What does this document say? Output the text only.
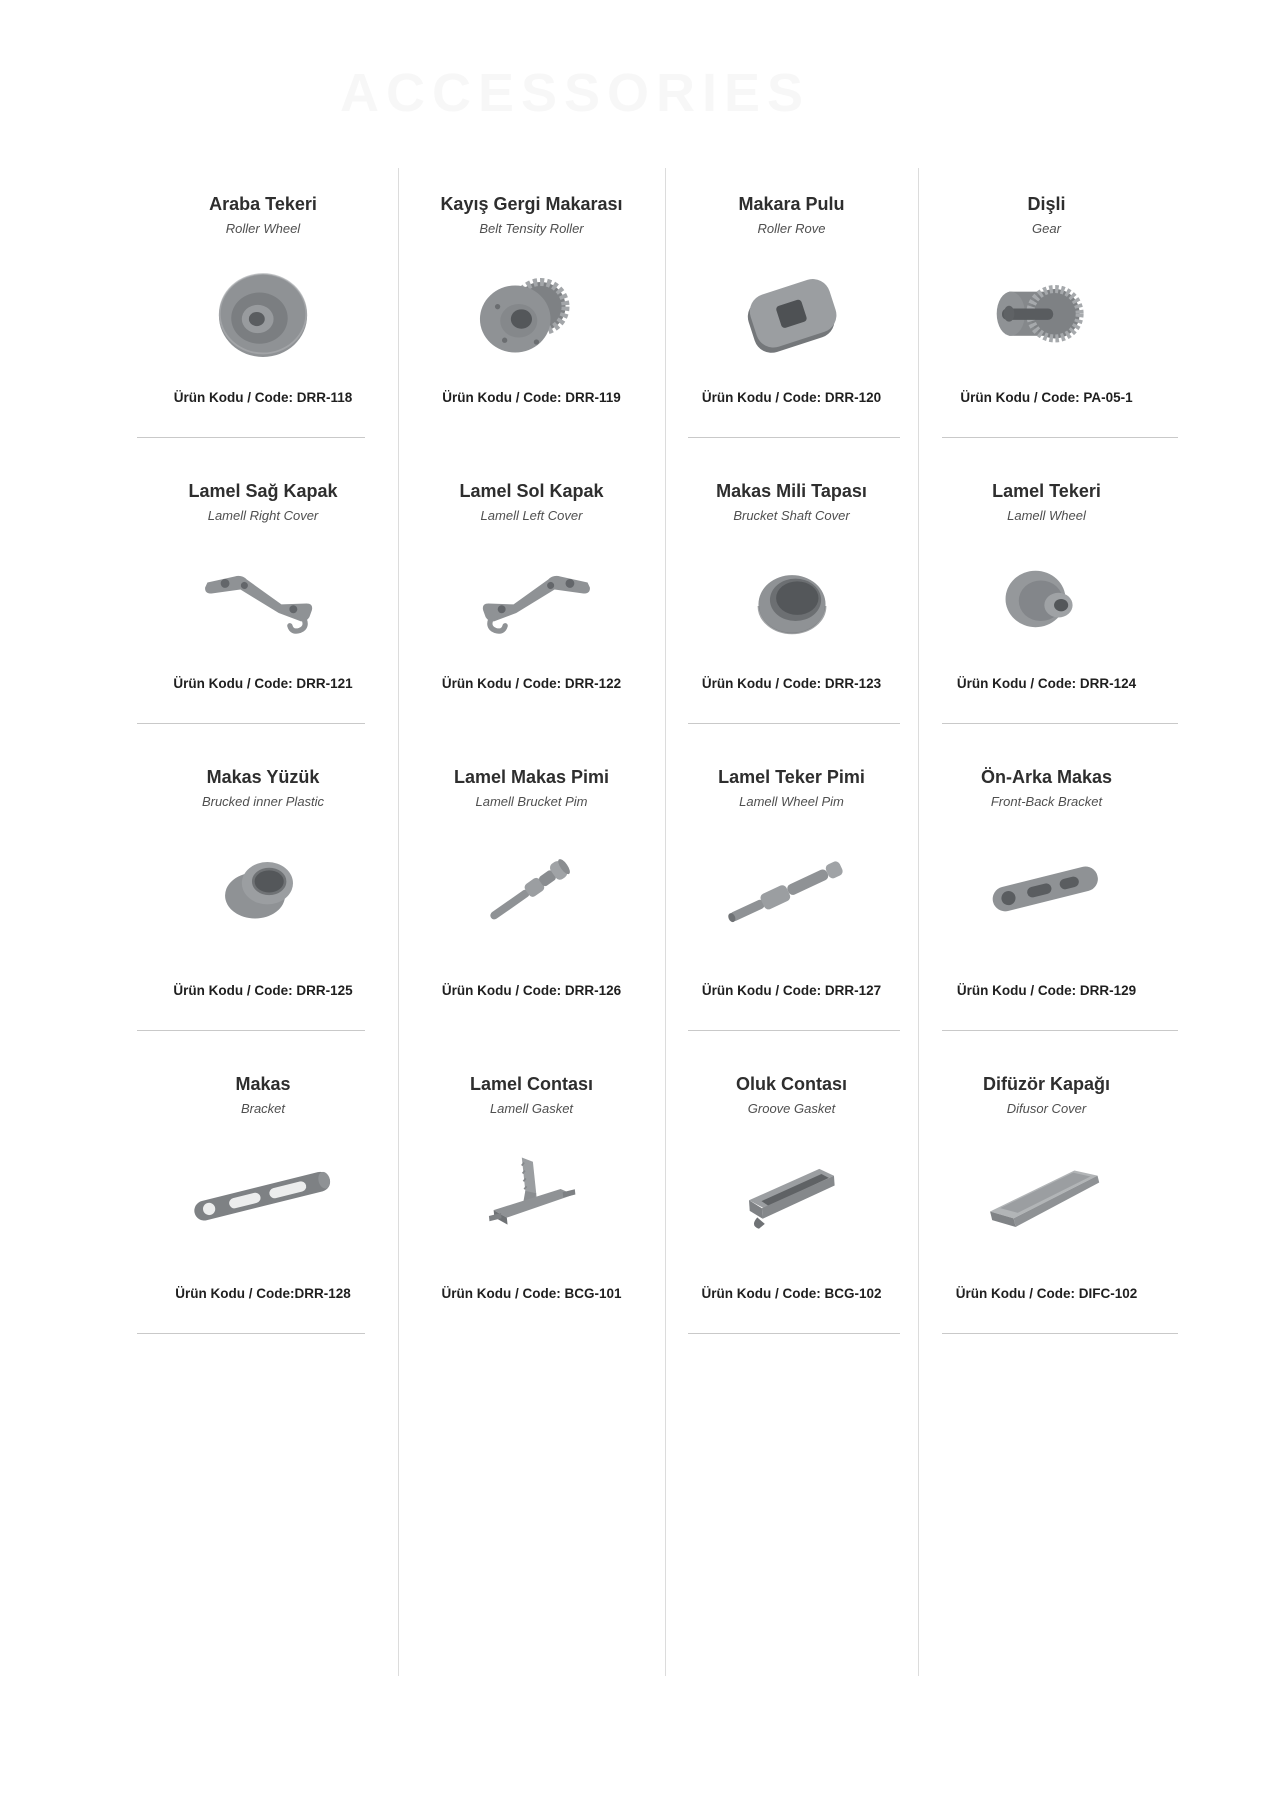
ACCESSORIES
Araba Tekeri
Roller Wheel
Ürün Kodu / Code: DRR-118
Kayış Gergi Makarası
Belt Tensity Roller
Ürün Kodu / Code: DRR-119
Makara Pulu
Roller Rove
Ürün Kodu / Code: DRR-120
Dişli
Gear
Ürün Kodu / Code: PA-05-1
Lamel Sağ Kapak
Lamell Right Cover
Ürün Kodu / Code: DRR-121
Lamel Sol Kapak
Lamell Left Cover
Ürün Kodu / Code: DRR-122
Makas Mili Tapası
Brucket Shaft Cover
Ürün Kodu / Code: DRR-123
Lamel Tekeri
Lamell Wheel
Ürün Kodu / Code: DRR-124
Makas Yüzük
Brucked inner Plastic
Ürün Kodu / Code: DRR-125
Lamel Makas Pimi
Lamell Brucket Pim
Ürün Kodu / Code: DRR-126
Lamel Teker Pimi
Lamell Wheel Pim
Ürün Kodu / Code: DRR-127
Ön-Arka Makas
Front-Back Bracket
Ürün Kodu / Code: DRR-129
Makas
Bracket
Ürün Kodu / Code:DRR-128
Lamel Contası
Lamell Gasket
Ürün Kodu / Code: BCG-101
Oluk Contası
Groove Gasket
Ürün Kodu / Code: BCG-102
Difüzör Kapağı
Difusor Cover
Ürün Kodu / Code: DIFC-102
